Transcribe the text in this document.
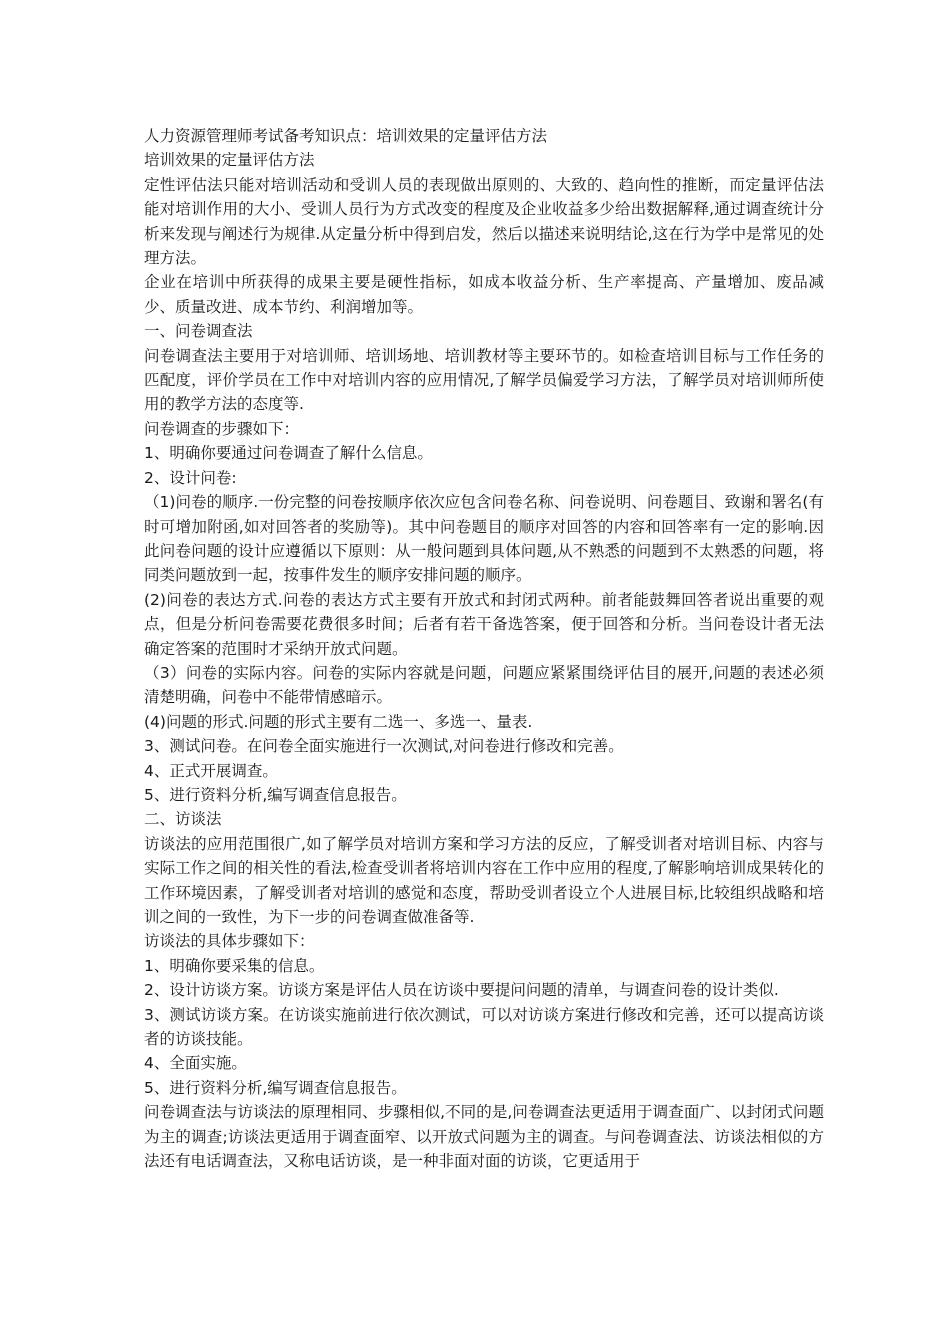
人力资源管理师考试备考知识点：培训效果的定量评估方法

培训效果的定量评估方法

定性评估法只能对培训活动和受训人员的表现做出原则的、大致的、趋向性的推断，而定量评估法能对培训作用的大小、受训人员行为方式改变的程度及企业收益多少给出数据解释,通过调查统计分析来发现与阐述行为规律.从定量分析中得到启发，然后以描述来说明结论,这在行为学中是常见的处理方法。

企业在培训中所获得的成果主要是硬性指标，如成本收益分析、生产率提高、产量增加、废品减少、质量改进、成本节约、利润增加等。

一、问卷调查法

问卷调查法主要用于对培训师、培训场地、培训教材等主要环节的。如检查培训目标与工作任务的匹配度，评价学员在工作中对培训内容的应用情况,了解学员偏爱学习方法，了解学员对培训师所使用的教学方法的态度等.

问卷调查的步骤如下：

1、明确你要通过问卷调查了解什么信息。

2、设计问卷:

（1)问卷的顺序.一份完整的问卷按顺序依次应包含问卷名称、问卷说明、问卷题目、致谢和署名(有时可增加附函,如对回答者的奖励等)。其中问卷题目的顺序对回答的内容和回答率有一定的影响.因此问卷问题的设计应遵循以下原则：从一般问题到具体问题,从不熟悉的问题到不太熟悉的问题，将同类问题放到一起，按事件发生的顺序安排问题的顺序。

(2)问卷的表达方式.问卷的表达方式主要有开放式和封闭式两种。前者能鼓舞回答者说出重要的观点，但是分析问卷需要花费很多时间；后者有若干备选答案，便于回答和分析。当问卷设计者无法确定答案的范围时才采纳开放式问题。

（3）问卷的实际内容。问卷的实际内容就是问题，问题应紧紧围绕评估目的展开,问题的表述必须清楚明确，问卷中不能带情感暗示。

(4)问题的形式.问题的形式主要有二选一、多选一、量表.

3、测试问卷。在问卷全面实施进行一次测试,对问卷进行修改和完善。

4、正式开展调查。

5、进行资料分析,编写调查信息报告。

二、访谈法

访谈法的应用范围很广,如了解学员对培训方案和学习方法的反应，了解受训者对培训目标、内容与实际工作之间的相关性的看法,检查受训者将培训内容在工作中应用的程度,了解影响培训成果转化的工作环境因素，了解受训者对培训的感觉和态度，帮助受训者设立个人进展目标,比较组织战略和培训之间的一致性，为下一步的问卷调查做准备等.

访谈法的具体步骤如下：

1、明确你要采集的信息。

2、设计访谈方案。访谈方案是评估人员在访谈中要提问问题的清单，与调查问卷的设计类似.

3、测试访谈方案。在访谈实施前进行依次测试，可以对访谈方案进行修改和完善，还可以提高访谈者的访谈技能。

4、全面实施。

5、进行资料分析,编写调查信息报告。

问卷调查法与访谈法的原理相同、步骤相似,不同的是,问卷调查法更适用于调查面广、以封闭式问题为主的调查;访谈法更适用于调查面窄、以开放式问题为主的调查。与问卷调查法、访谈法相似的方法还有电话调查法，又称电话访谈，是一种非面对面的访谈，它更适用于
